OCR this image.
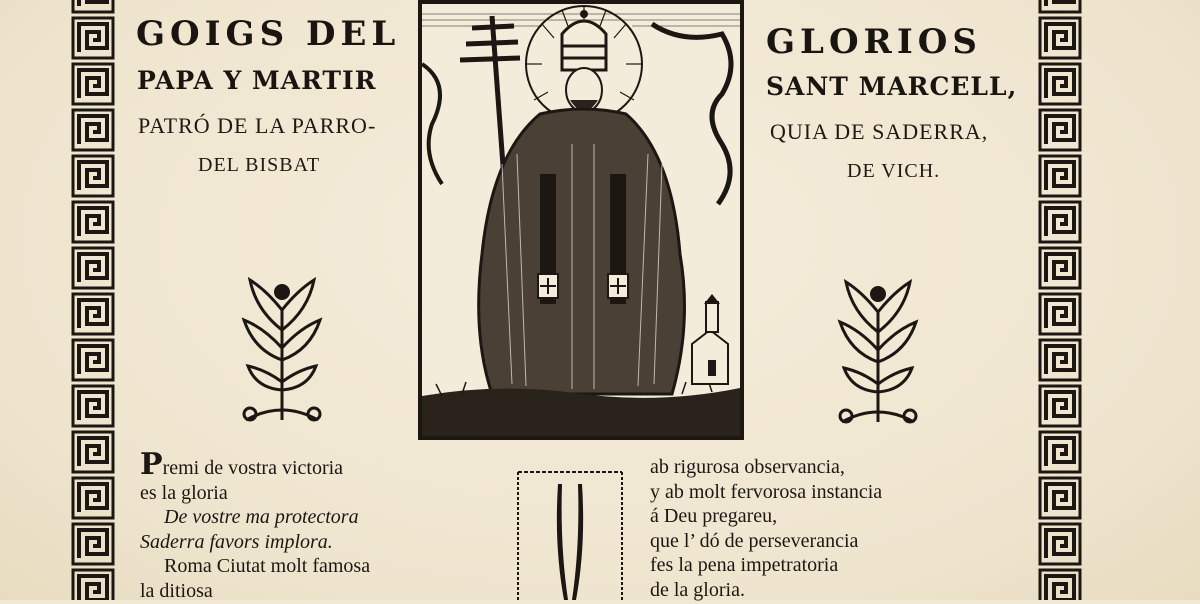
GOIGS DEL
PAPA Y MARTIR
PATRÓ DE LA PARRO-
DEL BISBAT
GLORIOS
SANT MARCELL,
QUIA DE SADERRA,
DE VICH.
Premi de vostra victoria
es la gloria
De vostre ma protectora
Saderra favors implora.
Roma Ciutat molt famosa
la ditiosa
ab rigurosa observancia,
y ab molt fervorosa instancia
á Deu pregareu,
que l’ dó de perseverancia
fes la pena impetratoria
de la gloria.
